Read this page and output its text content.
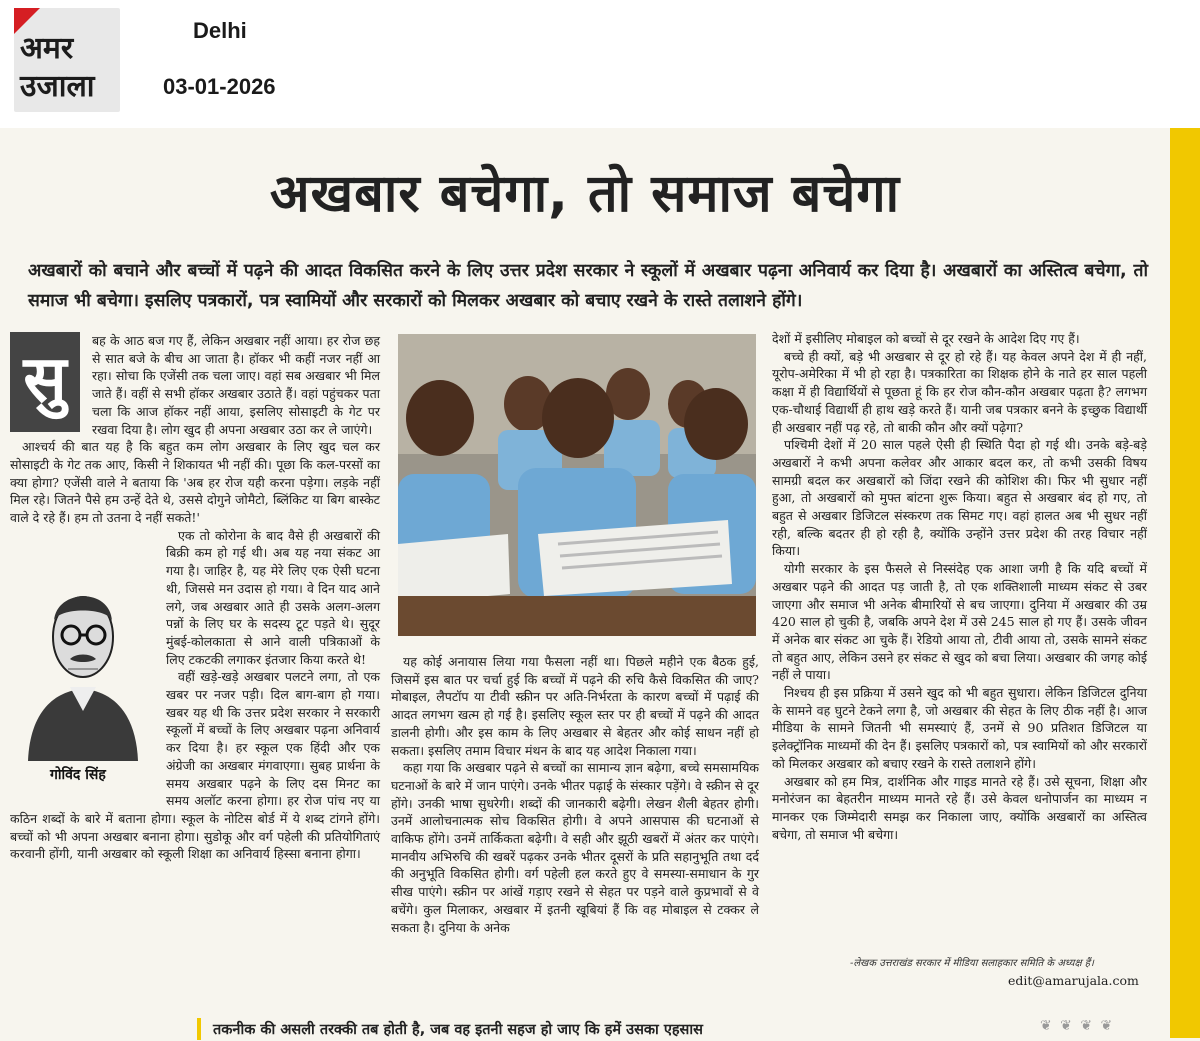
अमर
उजाला
Delhi
03-01-2026
अखबार बचेगा, तो समाज बचेगा
अखबारों को बचाने और बच्चों में पढ़ने की आदत विकसित करने के लिए उत्तर प्रदेश सरकार ने स्कूलों में अखबार पढ़ना अनिवार्य कर दिया है। अखबारों का अस्तित्व बचेगा, तो समाज भी बचेगा। इसलिए पत्रकारों, पत्र स्वामियों और सरकारों को मिलकर अखबार को बचाए रखने के रास्ते तलाशने होंगे।
सु

बह के आठ बज गए हैं, लेकिन अखबार नहीं आया। हर रोज छह से सात बजे के बीच आ जाता है। हॉकर भी कहीं नजर नहीं आ रहा। सोचा कि एजेंसी तक चला जाए। वहां सब अखबार भी मिल जाते हैं। वहीं से सभी हॉकर अखबार उठाते हैं। वहां पहुंचकर पता चला कि आज हॉकर नहीं आया, इसलिए सोसाइटी के गेट पर रखवा दिया है। लोग खुद ही अपना अखबार उठा कर ले जाएंगे।

आश्चर्य की बात यह है कि बहुत कम लोग अखबार के लिए खुद चल कर सोसाइटी के गेट तक आए, किसी ने शिकायत भी नहीं की। पूछा कि कल-परसों का क्या होगा? एजेंसी वाले ने बताया कि 'अब हर रोज यही करना पड़ेगा। लड़के नहीं मिल रहे। जितने पैसे हम उन्हें देते थे, उससे दोगुने जोमैटो, ब्लिंकिट या बिग बास्केट वाले दे रहे हैं। हम तो उतना दे नहीं सकते!'

गोविंद सिंह

एक तो कोरोना के बाद वैसे ही अखबारों की बिक्री कम हो गई थी। अब यह नया संकट आ गया है। जाहिर है, यह मेरे लिए एक ऐसी घटना थी, जिससे मन उदास हो गया। वे दिन याद आने लगे, जब अखबार आते ही उसके अलग-अलग पन्नों के लिए घर के सदस्य टूट पड़ते थे। सुदूर मुंबई-कोलकाता से आने वाली पत्रिकाओं के लिए टकटकी लगाकर इंतजार किया करते थे!

वहीं खड़े-खड़े अखबार पलटने लगा, तो एक खबर पर नजर पड़ी। दिल बाग-बाग हो गया। खबर यह थी कि उत्तर प्रदेश सरकार ने सरकारी स्कूलों में बच्चों के लिए अखबार पढ़ना अनिवार्य कर दिया है। हर स्कूल एक हिंदी और एक अंग्रेजी का अखबार मंगवाएगा। सुबह प्रार्थना के समय अखबार पढ़ने के लिए दस मिनट का समय अलॉट करना होगा। हर रोज पांच नए या कठिन शब्दों के बारे में बताना होगा। स्कूल के नोटिस बोर्ड में ये शब्द टांगने होंगे। बच्चों को भी अपना अखबार बनाना होगा। सुडोकू और वर्ग पहेली की प्रतियोगिताएं करवानी होंगी, यानी अखबार को स्कूली शिक्षा का अनिवार्य हिस्सा बनाना होगा।

यह कोई अनायास लिया गया फैसला नहीं था। पिछले महीने एक बैठक हुई, जिसमें इस बात पर चर्चा हुई कि बच्चों में पढ़ने की रुचि कैसे विकसित की जाए? मोबाइल, लैपटॉप या टीवी स्क्रीन पर अति-निर्भरता के कारण बच्चों में पढ़ाई की आदत लगभग खत्म हो गई है। इसलिए स्कूल स्तर पर ही बच्चों में पढ़ने की आदत डालनी होगी। और इस काम के लिए अखबार से बेहतर और कोई साधन नहीं हो सकता। इसलिए तमाम विचार मंथन के बाद यह आदेश निकाला गया।

कहा गया कि अखबार पढ़ने से बच्चों का सामान्य ज्ञान बढ़ेगा, बच्चे समसामयिक घटनाओं के बारे में जान पाएंगे। उनके भीतर पढ़ाई के संस्कार पड़ेंगे। वे स्क्रीन से दूर होंगे। उनकी भाषा सुधरेगी। शब्दों की जानकारी बढ़ेगी। लेखन शैली बेहतर होगी। उनमें आलोचनात्मक सोच विकसित होगी। वे अपने आसपास की घटनाओं से वाकिफ होंगे। उनमें तार्किकता बढ़ेगी। वे सही और झूठी खबरों में अंतर कर पाएंगे। मानवीय अभिरुचि की खबरें पढ़कर उनके भीतर दूसरों के प्रति सहानुभूति तथा दर्द की अनुभूति विकसित होगी। वर्ग पहेली हल करते हुए वे समस्या-समाधान के गुर सीख पाएंगे। स्क्रीन पर आंखें गड़ाए रखने से सेहत पर पड़ने वाले कुप्रभावों से वे बचेंगे। कुल मिलाकर, अखबार में इतनी खूबियां हैं कि वह मोबाइल से टक्कर ले सकता है। दुनिया के अनेक

देशों में इसीलिए मोबाइल को बच्चों से दूर रखने के आदेश दिए गए हैं।

बच्चे ही क्यों, बड़े भी अखबार से दूर हो रहे हैं। यह केवल अपने देश में ही नहीं, यूरोप-अमेरिका में भी हो रहा है। पत्रकारिता का शिक्षक होने के नाते हर साल पहली कक्षा में ही विद्यार्थियों से पूछता हूं कि हर रोज कौन-कौन अखबार पढ़ता है? लगभग एक-चौथाई विद्यार्थी ही हाथ खड़े करते हैं। यानी जब पत्रकार बनने के इच्छुक विद्यार्थी ही अखबार नहीं पढ़ रहे, तो बाकी कौन और क्यों पढ़ेगा?

पश्चिमी देशों में 20 साल पहले ऐसी ही स्थिति पैदा हो गई थी। उनके बड़े-बड़े अखबारों ने कभी अपना कलेवर और आकार बदल कर, तो कभी उसकी विषय सामग्री बदल कर अखबारों को जिंदा रखने की कोशिश की। फिर भी सुधार नहीं हुआ, तो अखबारों को मुफ्त बांटना शुरू किया। बहुत से अखबार बंद हो गए, तो बहुत से अखबार डिजिटल संस्करण तक सिमट गए। वहां हालत अब भी सुधर नहीं रही, बल्कि बदतर ही हो रही है, क्योंकि उन्होंने उत्तर प्रदेश की तरह विचार नहीं किया।

योगी सरकार के इस फैसले से निस्संदेह एक आशा जगी है कि यदि बच्चों में अखबार पढ़ने की आदत पड़ जाती है, तो एक शक्तिशाली माध्यम संकट से उबर जाएगा और समाज भी अनेक बीमारियों से बच जाएगा। दुनिया में अखबार की उम्र 420 साल हो चुकी है, जबकि अपने देश में उसे 245 साल हो गए हैं। उसके जीवन में अनेक बार संकट आ चुके हैं। रेडियो आया तो, टीवी आया तो, उसके सामने संकट तो बहुत आए, लेकिन उसने हर संकट से खुद को बचा लिया। अखबार की जगह कोई नहीं ले पाया।

निश्चय ही इस प्रक्रिया में उसने खुद को भी बहुत सुधारा। लेकिन डिजिटल दुनिया के सामने वह घुटने टेकने लगा है, जो अखबार की सेहत के लिए ठीक नहीं है। आज मीडिया के सामने जितनी भी समस्याएं हैं, उनमें से 90 प्रतिशत डिजिटल या इलेक्ट्रॉनिक माध्यमों की देन हैं। इसलिए पत्रकारों को, पत्र स्वामियों को और सरकारों को मिलकर अखबार को बचाए रखने के रास्ते तलाशने होंगे।

अखबार को हम मित्र, दार्शनिक और गाइड मानते रहे हैं। उसे सूचना, शिक्षा और मनोरंजन का बेहतरीन माध्यम मानते रहे हैं। उसे केवल धनोपार्जन का माध्यम न मानकर एक जिम्मेदारी समझ कर निकाला जाए, क्योंकि अखबारों का अस्तित्व बचेगा, तो समाज भी बचेगा।

-लेखक उत्तराखंड सरकार में मीडिया सलाहकार समिति के अध्यक्ष हैं।
edit@amarujala.com
तकनीक की असली तरक्की तब होती है, जब वह इतनी सहज हो जाए कि हमें उसका एहसास	❦ ❦ ❦ ❦
